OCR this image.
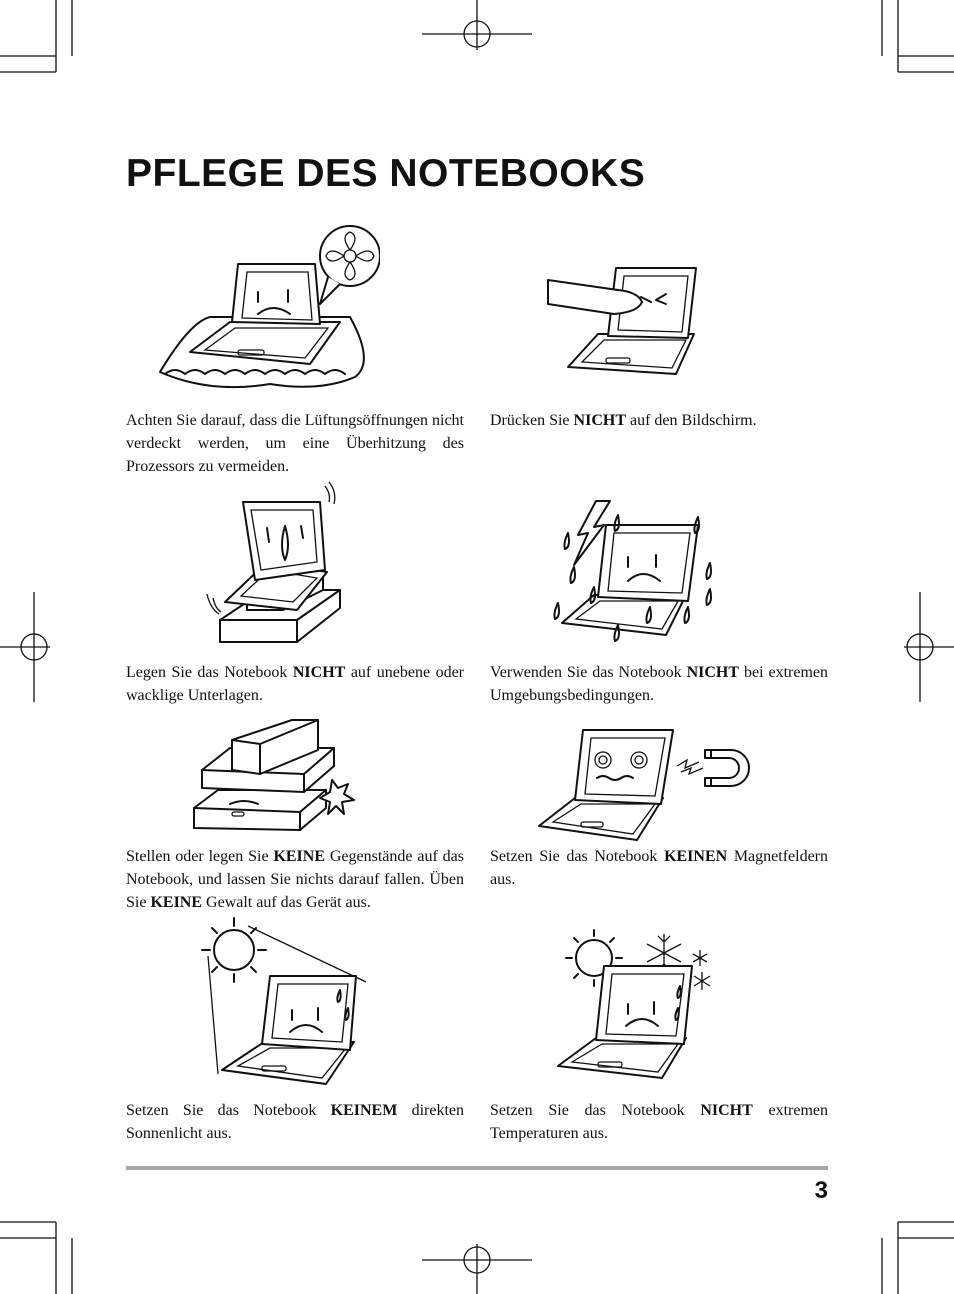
PFLEGE DES NOTEBOOKS

Achten Sie darauf, dass die Lüftungsöffnungen nicht verdeckt werden, um eine Überhitzung des Prozessors zu vermeiden.

Drücken Sie NICHT auf den Bildschirm.

Legen Sie das Notebook NICHT auf unebene oder wacklige Unterlagen.

Verwenden Sie das Notebook NICHT bei extremen Umgebungsbedingungen.

Stellen oder legen Sie KEINE Gegenstände auf das Notebook, und lassen Sie nichts darauf fallen. Üben Sie KEINE Gewalt auf das Gerät aus.

Setzen Sie das Notebook KEINEN Magnetfeldern aus.

Setzen Sie das Notebook KEINEM direkten Sonnenlicht aus.

Setzen Sie das Notebook NICHT extremen Temperaturen aus.

3
